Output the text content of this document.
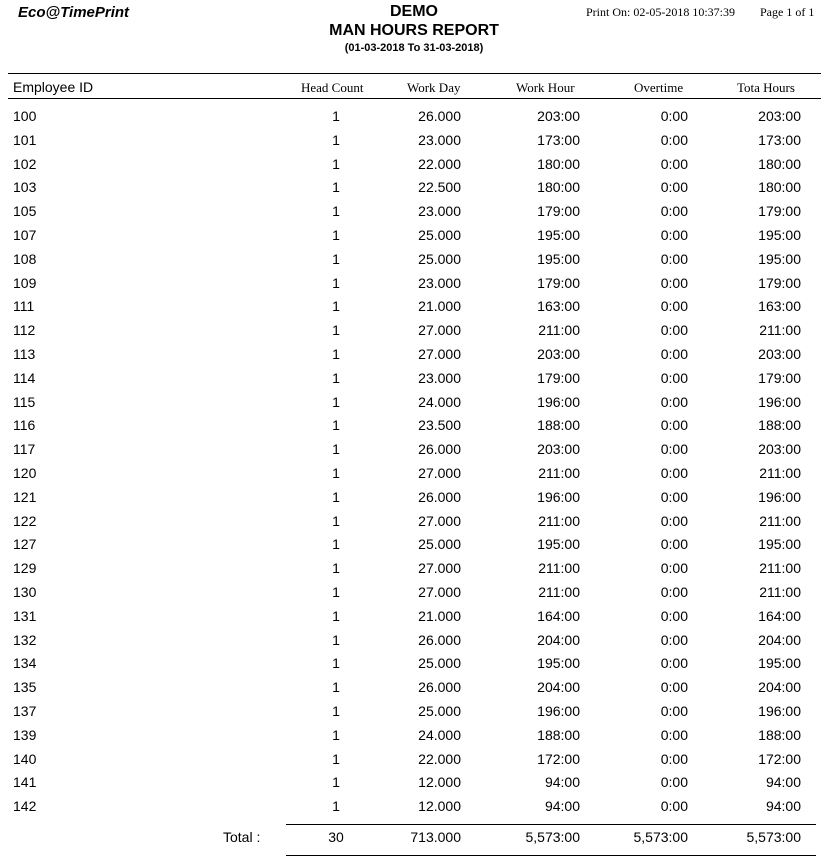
Eco@TimePrint	DEMO
MAN HOURS REPORT
(01-03-2018 To 31-03-2018)
Print On: 02-05-2018 10:37:39 Page 1 of 1
Employee ID	Head Count	Work Day	Work Hour	Overtime	Tota Hours
100	1	26.000	203:00	0:00	203:00
101	1	23.000	173:00	0:00	173:00
102	1	22.000	180:00	0:00	180:00
103	1	22.500	180:00	0:00	180:00
105	1	23.000	179:00	0:00	179:00
107	1	25.000	195:00	0:00	195:00
108	1	25.000	195:00	0:00	195:00
109	1	23.000	179:00	0:00	179:00
111	1	21.000	163:00	0:00	163:00
112	1	27.000	211:00	0:00	211:00
113	1	27.000	203:00	0:00	203:00
114	1	23.000	179:00	0:00	179:00
115	1	24.000	196:00	0:00	196:00
116	1	23.500	188:00	0:00	188:00
117	1	26.000	203:00	0:00	203:00
120	1	27.000	211:00	0:00	211:00
121	1	26.000	196:00	0:00	196:00
122	1	27.000	211:00	0:00	211:00
127	1	25.000	195:00	0:00	195:00
129	1	27.000	211:00	0:00	211:00
130	1	27.000	211:00	0:00	211:00
131	1	21.000	164:00	0:00	164:00
132	1	26.000	204:00	0:00	204:00
134	1	25.000	195:00	0:00	195:00
135	1	26.000	204:00	0:00	204:00
137	1	25.000	196:00	0:00	196:00
139	1	24.000	188:00	0:00	188:00
140	1	22.000	172:00	0:00	172:00
141	1	12.000	94:00	0:00	94:00
142	1	12.000	94:00	0:00	94:00
Total :	30	713.000	5,573:00	5,573:00	5,573:00
